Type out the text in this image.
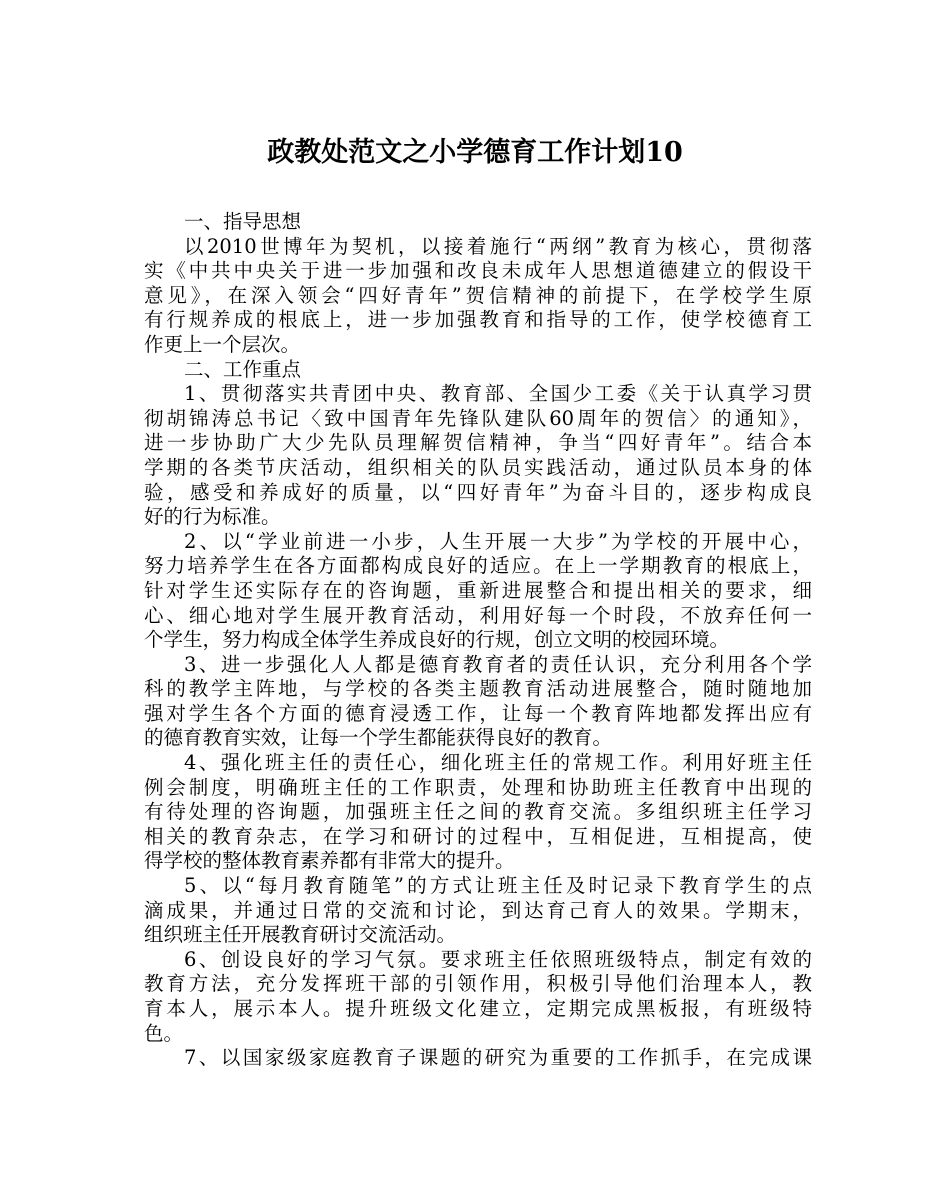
政教处范文之小学德育工作计划10
一、指导思想
以2010世博年为契机，以接着施行“两纲”教育为核心，贯彻落
实《中共中央关于进一步加强和改良未成年人思想道德建立的假设干
意见》，在深入领会“四好青年”贺信精神的前提下，在学校学生原
有行规养成的根底上，进一步加强教育和指导的工作，使学校德育工
作更上一个层次。
二、工作重点
1、贯彻落实共青团中央、教育部、全国少工委《关于认真学习贯
彻胡锦涛总书记〈致中国青年先锋队建队60周年的贺信〉的通知》，
进一步协助广大少先队员理解贺信精神，争当“四好青年”。结合本
学期的各类节庆活动，组织相关的队员实践活动，通过队员本身的体
验，感受和养成好的质量，以“四好青年”为奋斗目的，逐步构成良
好的行为标准。
2、以“学业前进一小步，人生开展一大步”为学校的开展中心，
努力培养学生在各方面都构成良好的适应。在上一学期教育的根底上，
针对学生还实际存在的咨询题，重新进展整合和提出相关的要求，细
心、细心地对学生展开教育活动，利用好每一个时段，不放弃任何一
个学生，努力构成全体学生养成良好的行规，创立文明的校园环境。
3、进一步强化人人都是德育教育者的责任认识，充分利用各个学
科的教学主阵地，与学校的各类主题教育活动进展整合，随时随地加
强对学生各个方面的德育浸透工作，让每一个教育阵地都发挥出应有
的德育教育实效，让每一个学生都能获得良好的教育。
4、强化班主任的责任心，细化班主任的常规工作。利用好班主任
例会制度，明确班主任的工作职责，处理和协助班主任教育中出现的
有待处理的咨询题，加强班主任之间的教育交流。多组织班主任学习
相关的教育杂志，在学习和研讨的过程中，互相促进，互相提高，使
得学校的整体教育素养都有非常大的提升。
5、以“每月教育随笔”的方式让班主任及时记录下教育学生的点
滴成果，并通过日常的交流和讨论，到达育己育人的效果。学期末，
组织班主任开展教育研讨交流活动。
6、创设良好的学习气氛。要求班主任依照班级特点，制定有效的
教育方法，充分发挥班干部的引领作用，积极引导他们治理本人，教
育本人，展示本人。提升班级文化建立，定期完成黑板报，有班级特
色。
7、以国家级家庭教育子课题的研究为重要的工作抓手，在完成课
